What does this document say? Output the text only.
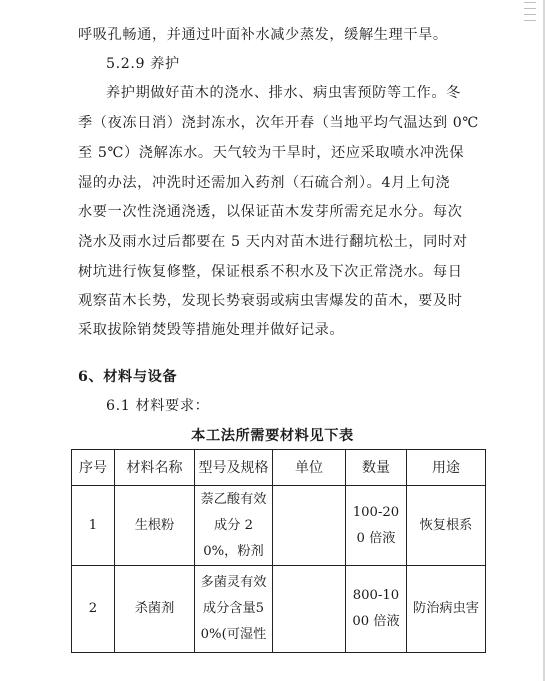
呼吸孔畅通，并通过叶面补水减少蒸发，缓解生理干旱。
5.2.9 养护
养护期做好苗木的浇水、排水、病虫害预防等工作。冬
季（夜冻日消）浇封冻水，次年开春（当地平均气温达到 0℃
至 5℃）浇解冻水。天气较为干旱时，还应采取喷水冲洗保
湿的办法，冲洗时还需加入药剂（石硫合剂）。4月上旬浇
水要一次性浇通浇透，以保证苗木发芽所需充足水分。每次
浇水及雨水过后都要在 5 天内对苗木进行翻坑松土，同时对
树坑进行恢复修整，保证根系不积水及下次正常浇水。每日
观察苗木长势，发现长势衰弱或病虫害爆发的苗木，要及时
采取拔除销焚毁等措施处理并做好记录。
6、材料与设备
6.1 材料要求：
本工法所需要材料见下表
序号	材料名称	型号及规格	单位	数量	用途
1	生根粉	萘乙酸有效成分 20%，粉剂		100-200 倍液	恢复根系
2	杀菌剂	多菌灵有效成分含量50%(可湿性		800-1000 倍液	防治病虫害
